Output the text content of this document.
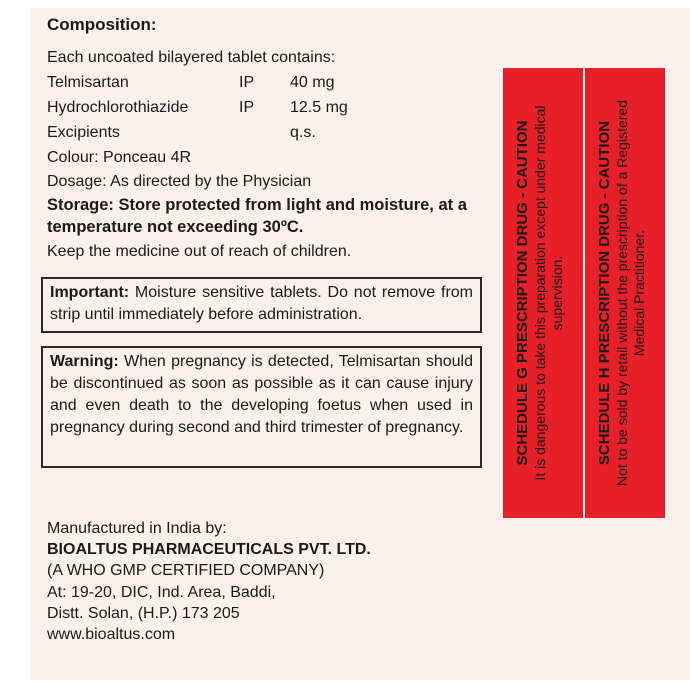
Composition:
Each uncoated bilayered tablet contains:
Telmisartan	IP 40 mg
Hydrochlorothiazide	IP 12.5 mg
Excipients	q.s.
Colour: Ponceau 4R
Dosage: As directed by the Physician
Storage: Store protected from light and moisture, at a temperature not exceeding 30ºC.
Keep the medicine out of reach of children.
Important: Moisture sensitive tablets. Do not remove from strip until immediately before administration.
Warning: When pregnancy is detected, Telmisartan should be discontinued as soon as possible as it can cause injury and even death to the developing foetus when used in pregnancy during second and third trimester of pregnancy.	SCHEDULE G PRESCRIPTION DRUG - CAUTION It is dangerous to take this preparation except under medical supervision. SCHEDULE H PRESCRIPTION DRUG - CAUTION Not to be sold by retail without the prescription of a Registered Medical Practitioner.
Manufactured in India by:
BIOALTUS PHARMACEUTICALS PVT. LTD.
(A WHO GMP CERTIFIED COMPANY)
At: 19-20, DIC, Ind. Area, Baddi,
Distt. Solan, (H.P.) 173 205
www.bioaltus.com
